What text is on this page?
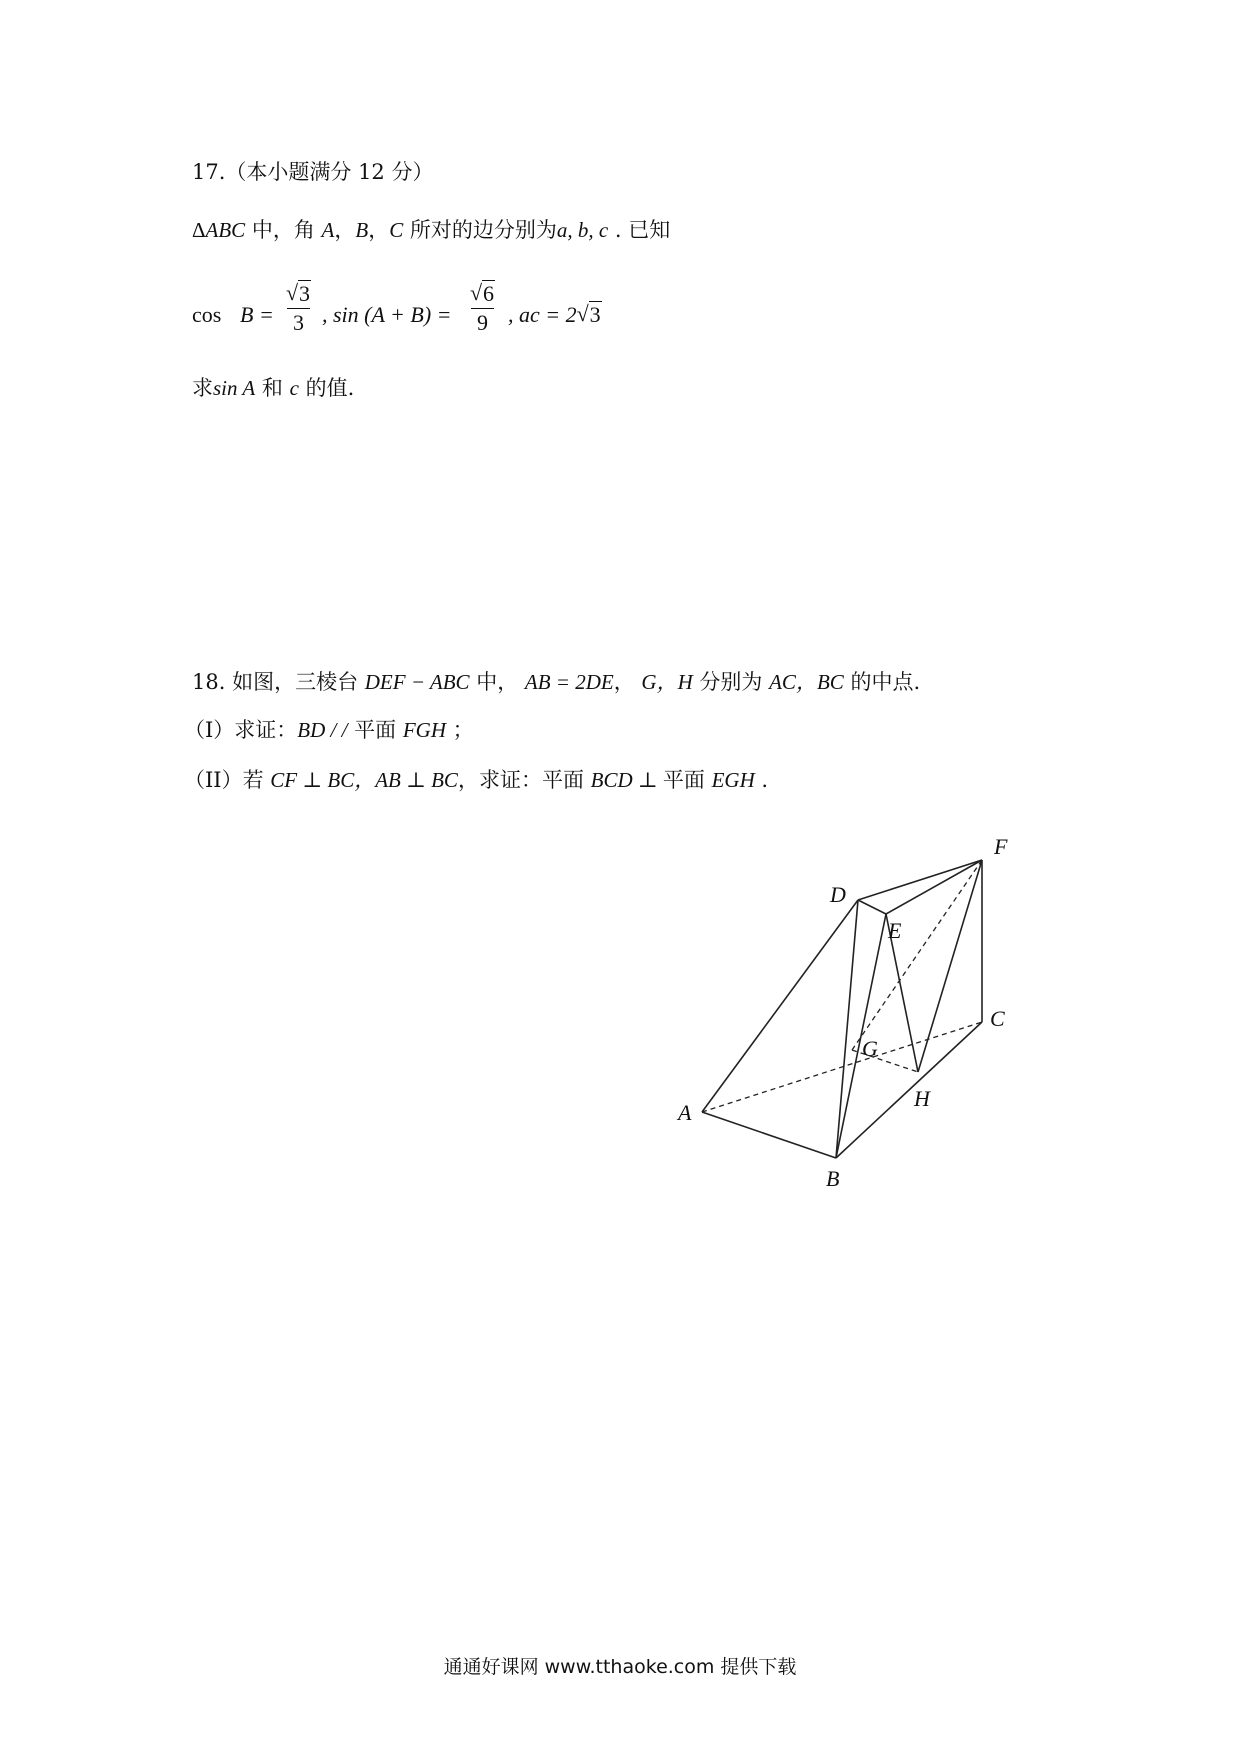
17.（本小题满分 12 分）
ΔABC 中，角 A，B，C 所对的边分别为a, b, c . 已知
cos B =
√ 3
3 , sin (A + B) =
√ 6
9 , ac = 2 √ 3
求sin A 和 c 的值.
18. 如图，三棱台 DEF − ABC 中， AB = 2DE， G，H 分别为 AC，BC 的中点.
（I）求证：BD / / 平面 FGH ；
（II）若 CF ⊥ BC，AB ⊥ BC，求证：平面 BCD ⊥ 平面 EGH .
A
B
C
D
E
F
G
H
通通好课网 www.tthaoke.com 提供下载
